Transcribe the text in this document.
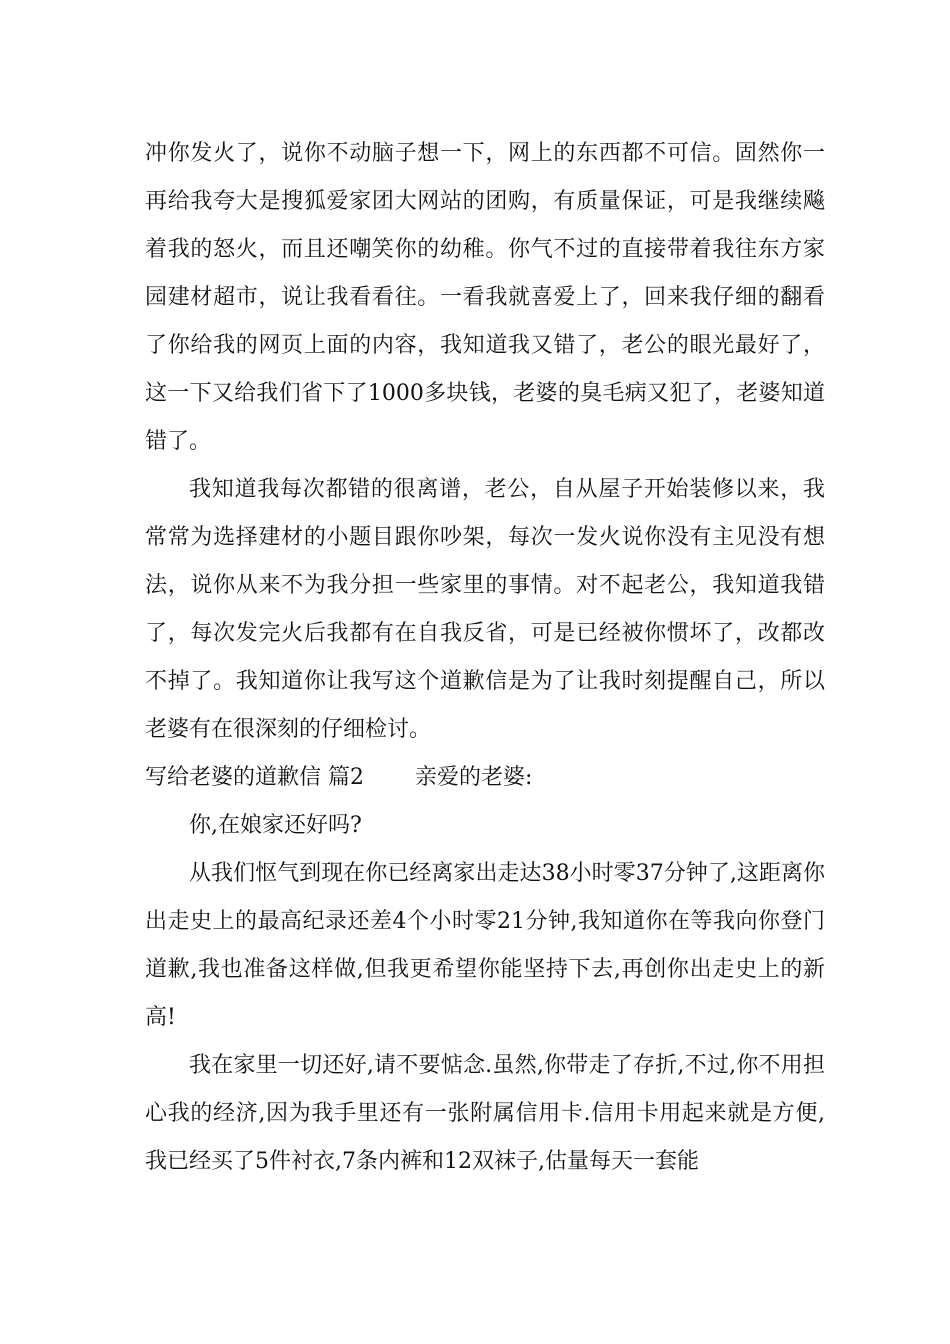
冲你发火了，说你不动脑子想一下，网上的东西都不可信。固然你一再给我夸大是搜狐爱家团大网站的团购，有质量保证，可是我继续飚着我的怒火，而且还嘲笑你的幼稚。你气不过的直接带着我往东方家园建材超市，说让我看看往。一看我就喜爱上了，回来我仔细的翻看了你给我的网页上面的内容，我知道我又错了，老公的眼光最好了，这一下又给我们省下了1000多块钱，老婆的臭毛病又犯了，老婆知道错了。

我知道我每次都错的很离谱，老公，自从屋子开始装修以来，我常常为选择建材的小题目跟你吵架，每次一发火说你没有主见没有想法，说你从来不为我分担一些家里的事情。对不起老公，我知道我错了，每次发完火后我都有在自我反省，可是已经被你惯坏了，改都改不掉了。我知道你让我写这个道歉信是为了让我时刻提醒自己，所以老婆有在很深刻的仔细检讨。

写给老婆的道歉信 篇2 亲爱的老婆:

你,在娘家还好吗?

从我们怄气到现在你已经离家出走达38小时零37分钟了,这距离你出走史上的最高纪录还差4个小时零21分钟,我知道你在等我向你登门道歉,我也准备这样做,但我更希望你能坚持下去,再创你出走史上的新高!

我在家里一切还好,请不要惦念.虽然,你带走了存折,不过,你不用担心我的经济,因为我手里还有一张附属信用卡.信用卡用起来就是方便,我已经买了5件衬衣,7条内裤和12双袜子,估量每天一套能
